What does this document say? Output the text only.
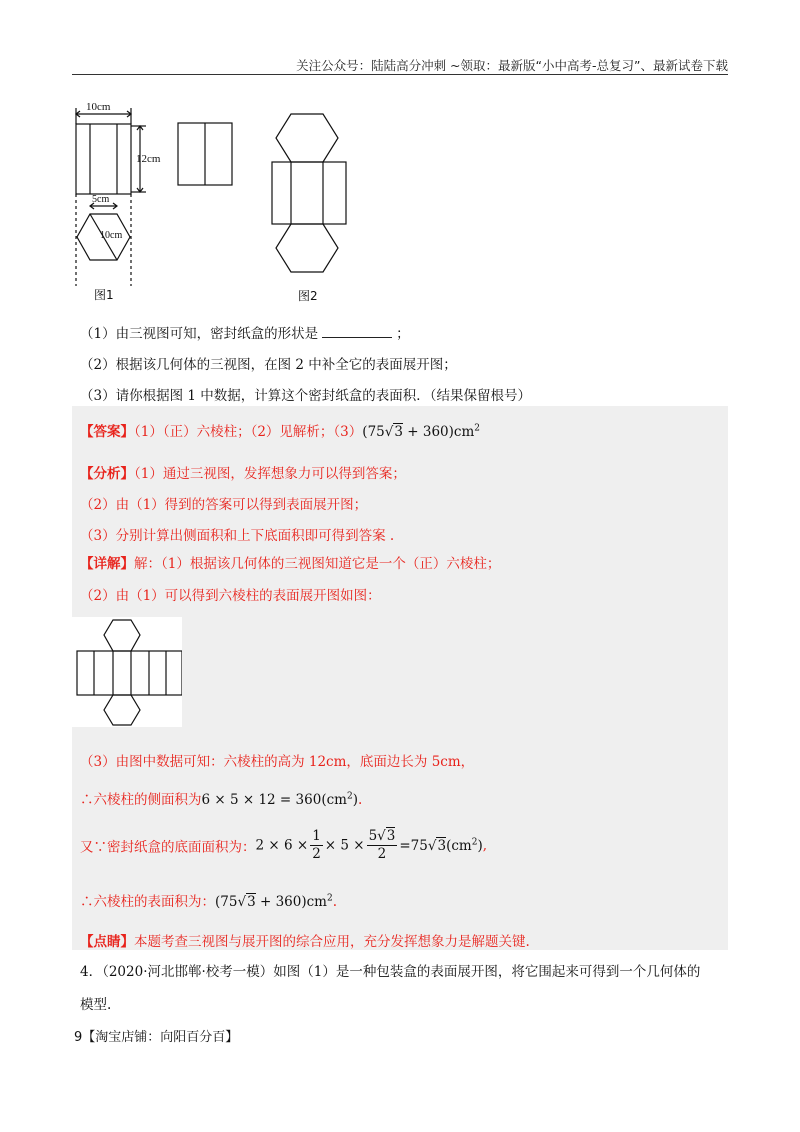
关注公众号：陆陆高分冲刺 ~领取：最新版“小中高考-总复习”、最新试卷下载
10cm
12cm
5cm
10cm
图1	图2
（1）由三视图可知，密封纸盒的形状是	；
（2）根据该几何体的三视图，在图 2 中补全它的表面展开图；
（3）请你根据图 1 中数据，计算这个密封纸盒的表面积．（结果保留根号）
【答案】（1）（正）六棱柱；（2）见解析；$(3)(75√3 + 360)cm^2$
【分析】（1）通过三视图，发挥想象力可以得到答案；
（2）由（1）得到的答案可以得到表面展开图；
（3）分别计算出侧面积和上下底面积即可得到答案 .
【详解】解：（1）根据该几何体的三视图知道它是一个（正）六棱柱；
（2）由（1）可以得到六棱柱的表面展开图如图：
（3）由图中数据可知：六棱柱的高为 12cm，底面边长为 5cm，
∴六棱柱的侧面积为$6 \times 5 \times 12 = 360(cm^2)$.
又∵密封纸盒的底面面积为：$2 \times 6 \times \frac{1}{2} \times 5 \times \frac{5√3}{2} =75√3(cm^2)$,
∴六棱柱的表面积为：$(75√3 + 360)cm^2$.
【点睛】本题考查三视图与展开图的综合应用，充分发挥想象力是解题关键.
4．（2020·河北邯郸·校考一模）如图（1）是一种包装盒的表面展开图，将它围起来可得到一个几何体的
模型.
9【淘宝店铺：向阳百分百】
